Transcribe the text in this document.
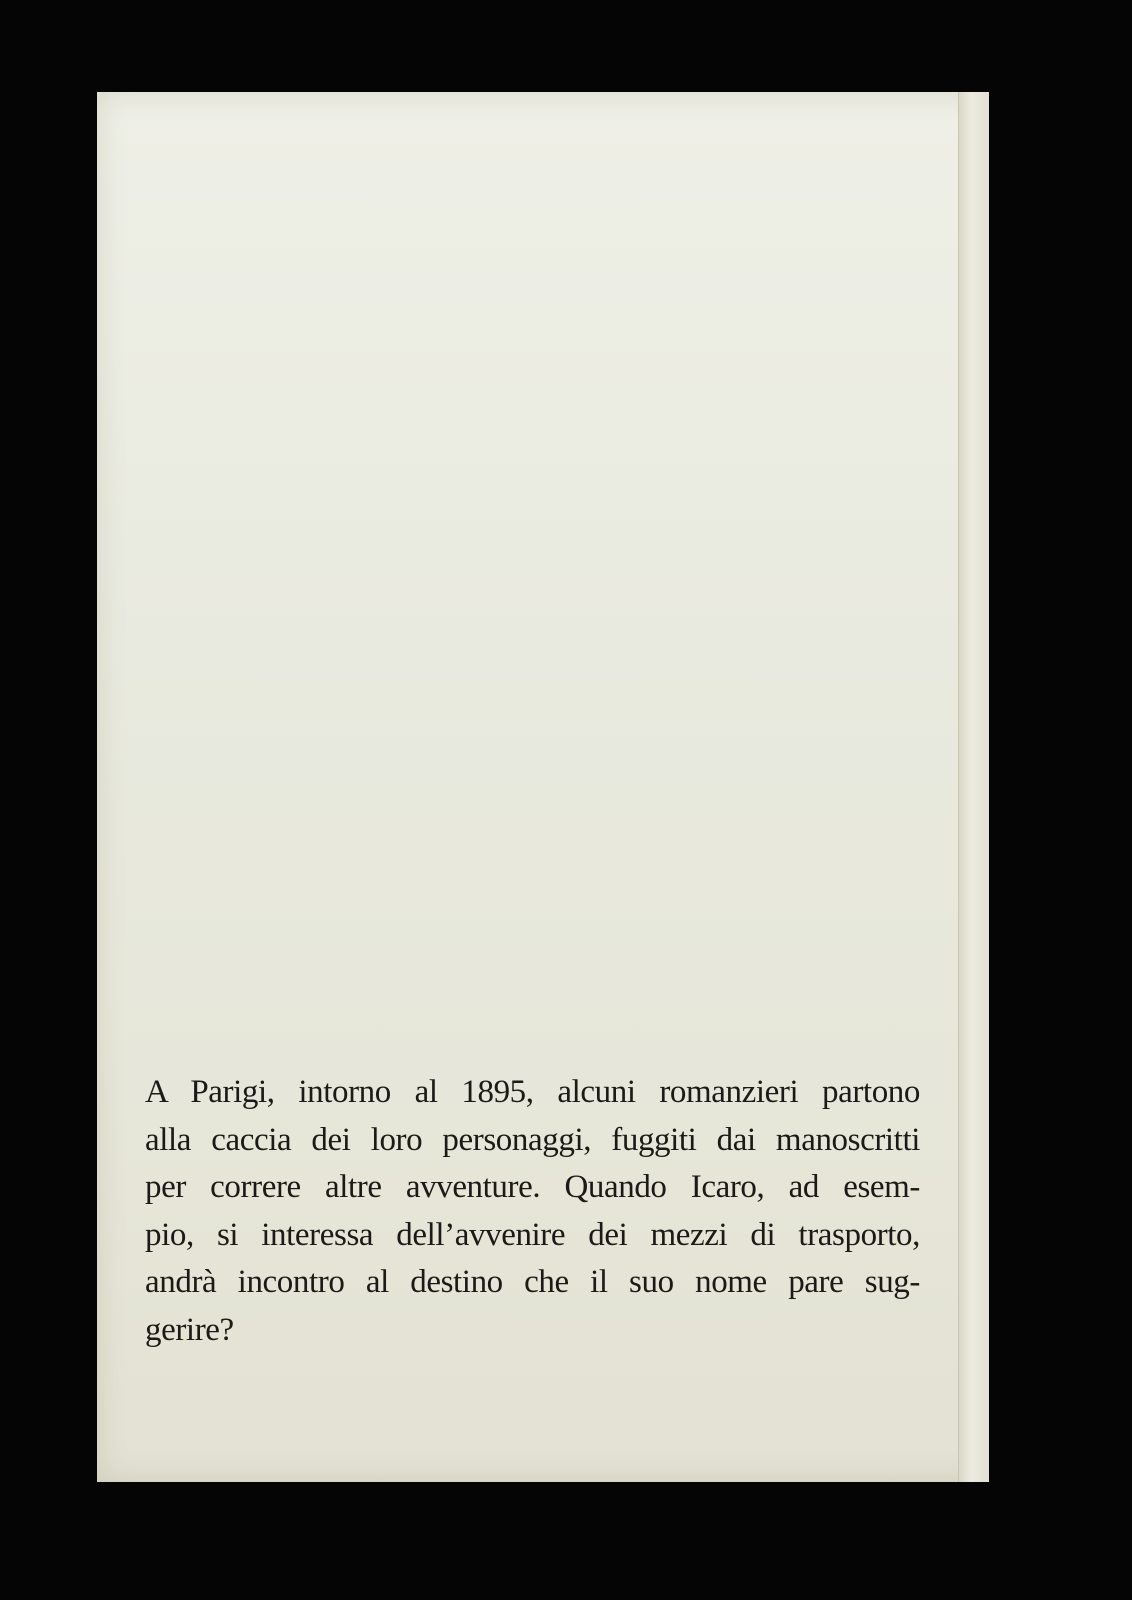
A Parigi, intorno al 1895, alcuni romanzieri partono
alla caccia dei loro personaggi, fuggiti dai manoscritti
per correre altre avventure. Quando Icaro, ad esem-
pio, si interessa dell’avvenire dei mezzi di trasporto,
andrà incontro al destino che il suo nome pare sug-
gerire?
